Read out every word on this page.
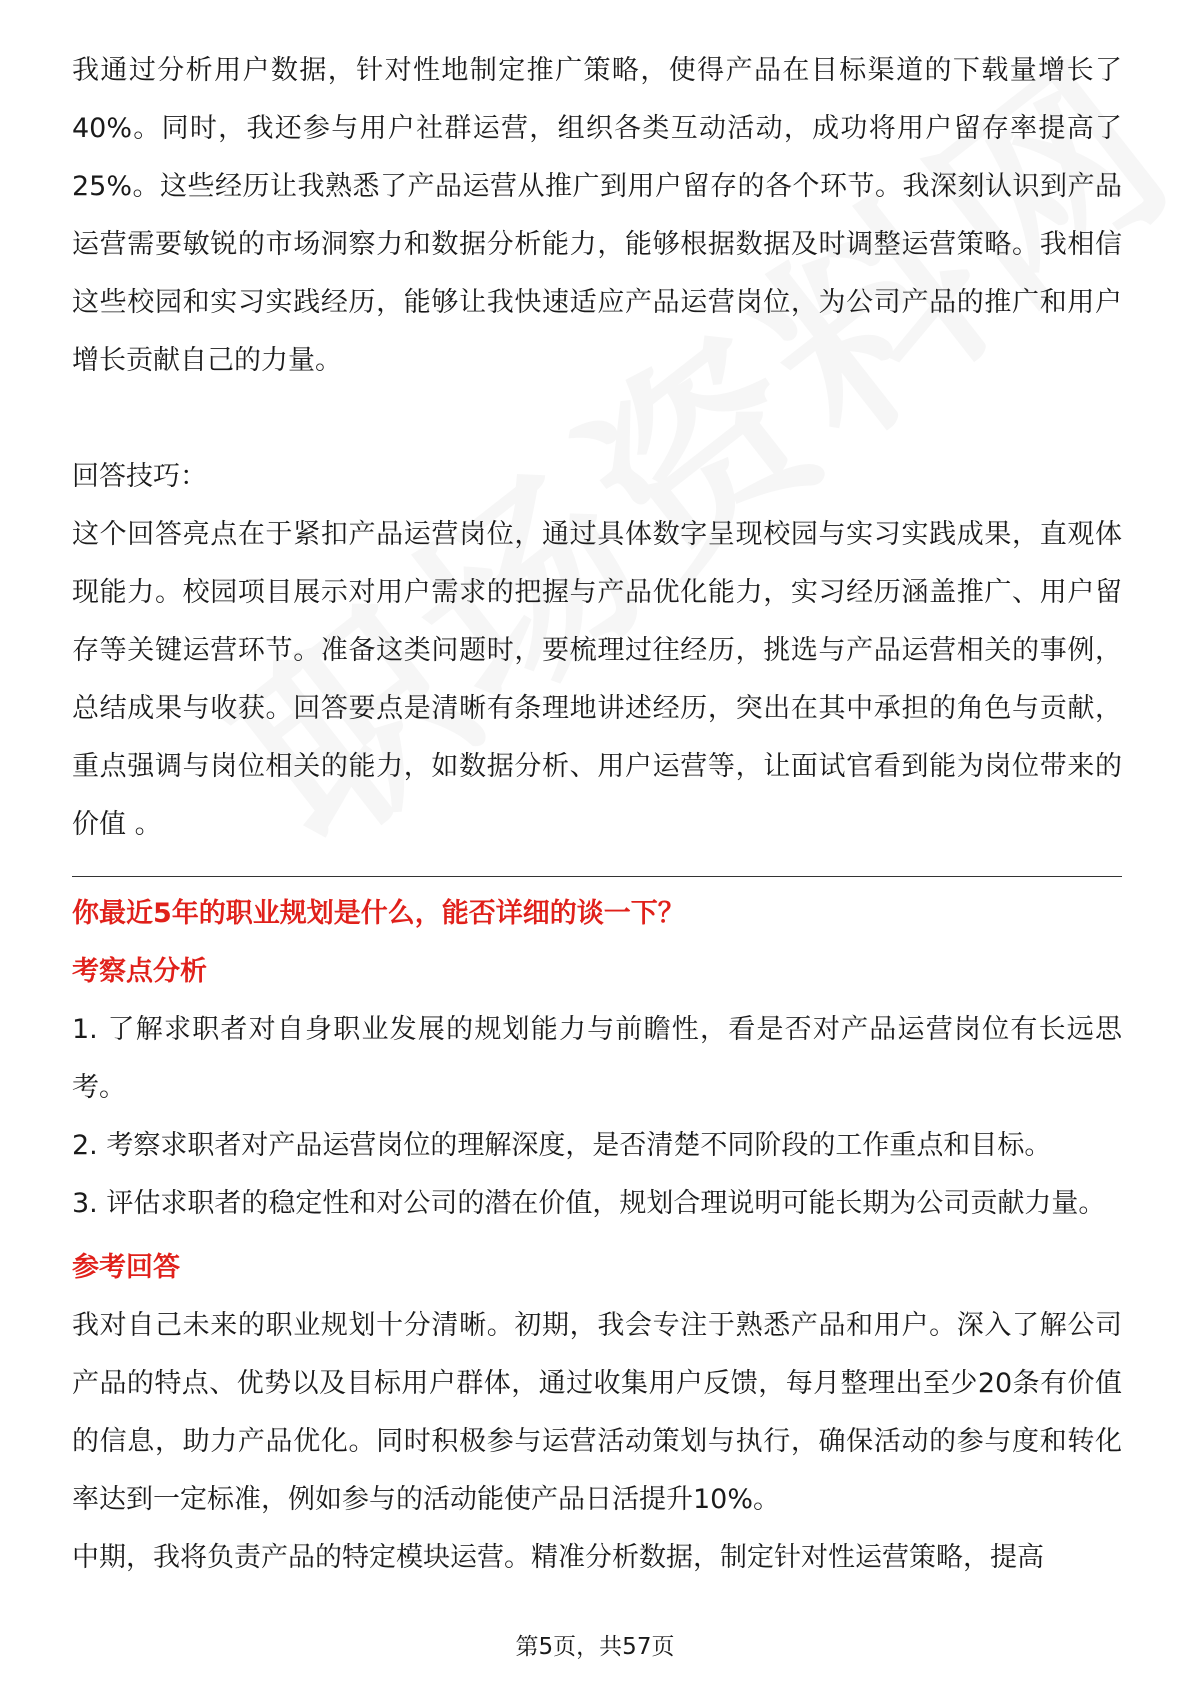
我通过分析用户数据，针对性地制定推广策略，使得产品在目标渠道的下载量增长了40%。同时，我还参与用户社群运营，组织各类互动活动，成功将用户留存率提高了25%。这些经历让我熟悉了产品运营从推广到用户留存的各个环节。我深刻认识到产品运营需要敏锐的市场洞察力和数据分析能力，能够根据数据及时调整运营策略。我相信这些校园和实习实践经历，能够让我快速适应产品运营岗位，为公司产品的推广和用户增长贡献自己的力量。

回答技巧：

这个回答亮点在于紧扣产品运营岗位，通过具体数字呈现校园与实习实践成果，直观体现能力。校园项目展示对用户需求的把握与产品优化能力，实习经历涵盖推广、用户留存等关键运营环节。准备这类问题时，要梳理过往经历，挑选与产品运营相关的事例，总结成果与收获。回答要点是清晰有条理地讲述经历，突出在其中承担的角色与贡献，重点强调与岗位相关的能力，如数据分析、用户运营等，让面试官看到能为岗位带来的价值 。

你最近5年的职业规划是什么，能否详细的谈一下？
考察点分析

1. 了解求职者对自身职业发展的规划能力与前瞻性，看是否对产品运营岗位有长远思考。

2. 考察求职者对产品运营岗位的理解深度，是否清楚不同阶段的工作重点和目标。

3. 评估求职者的稳定性和对公司的潜在价值，规划合理说明可能长期为公司贡献力量。

参考回答

我对自己未来的职业规划十分清晰。初期，我会专注于熟悉产品和用户。深入了解公司产品的特点、优势以及目标用户群体，通过收集用户反馈，每月整理出至少20条有价值的信息，助力产品优化。同时积极参与运营活动策划与执行，确保活动的参与度和转化率达到一定标准，例如参与的活动能使产品日活提升10%。

中期，我将负责产品的特定模块运营。精准分析数据，制定针对性运营策略，提高

第5页，共57页
